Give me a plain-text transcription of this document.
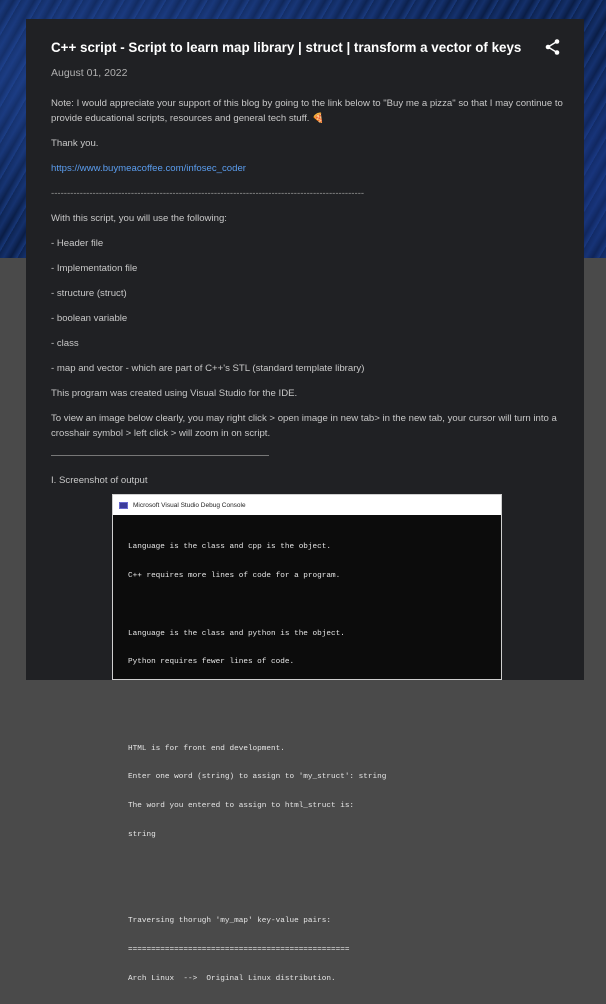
C++ script - Script to learn map library | struct | transform a vector of keys
August 01, 2022

Note: I would appreciate your support of this blog by going to the link below to "Buy me a pizza" so that I may continue to provide educational scripts, resources and general tech stuff. 🍕

Thank you.

https://www.buymeacoffee.com/infosec_coder

--------------------------------------------------------------------------------------------------

With this script, you will use the following:

- Header file

- Implementation file

- structure (struct)

- boolean variable

- class

- map and vector - which are part of C++'s STL (standard template library)

This program was created using Visual Studio for the IDE.

To view an image below clearly, you may right click > open image in new tab> in the new tab, your cursor will turn into a crosshair symbol > left click > will zoom in on script.

I. Screenshot of output

Microsoft Visual Studio Debug Console

Language is the class and cpp is the object.

C++ requires more lines of code for a program.

Language is the class and python is the object.

Python requires fewer lines of code.

HTML is for front end development.

Enter one word (string) to assign to 'my_struct': string

The word you entered to assign to html_struct is:

string

Traversing thorugh 'my_map' key-value pairs:

================================================

Arch Linux  -->  Original Linux distribution.
